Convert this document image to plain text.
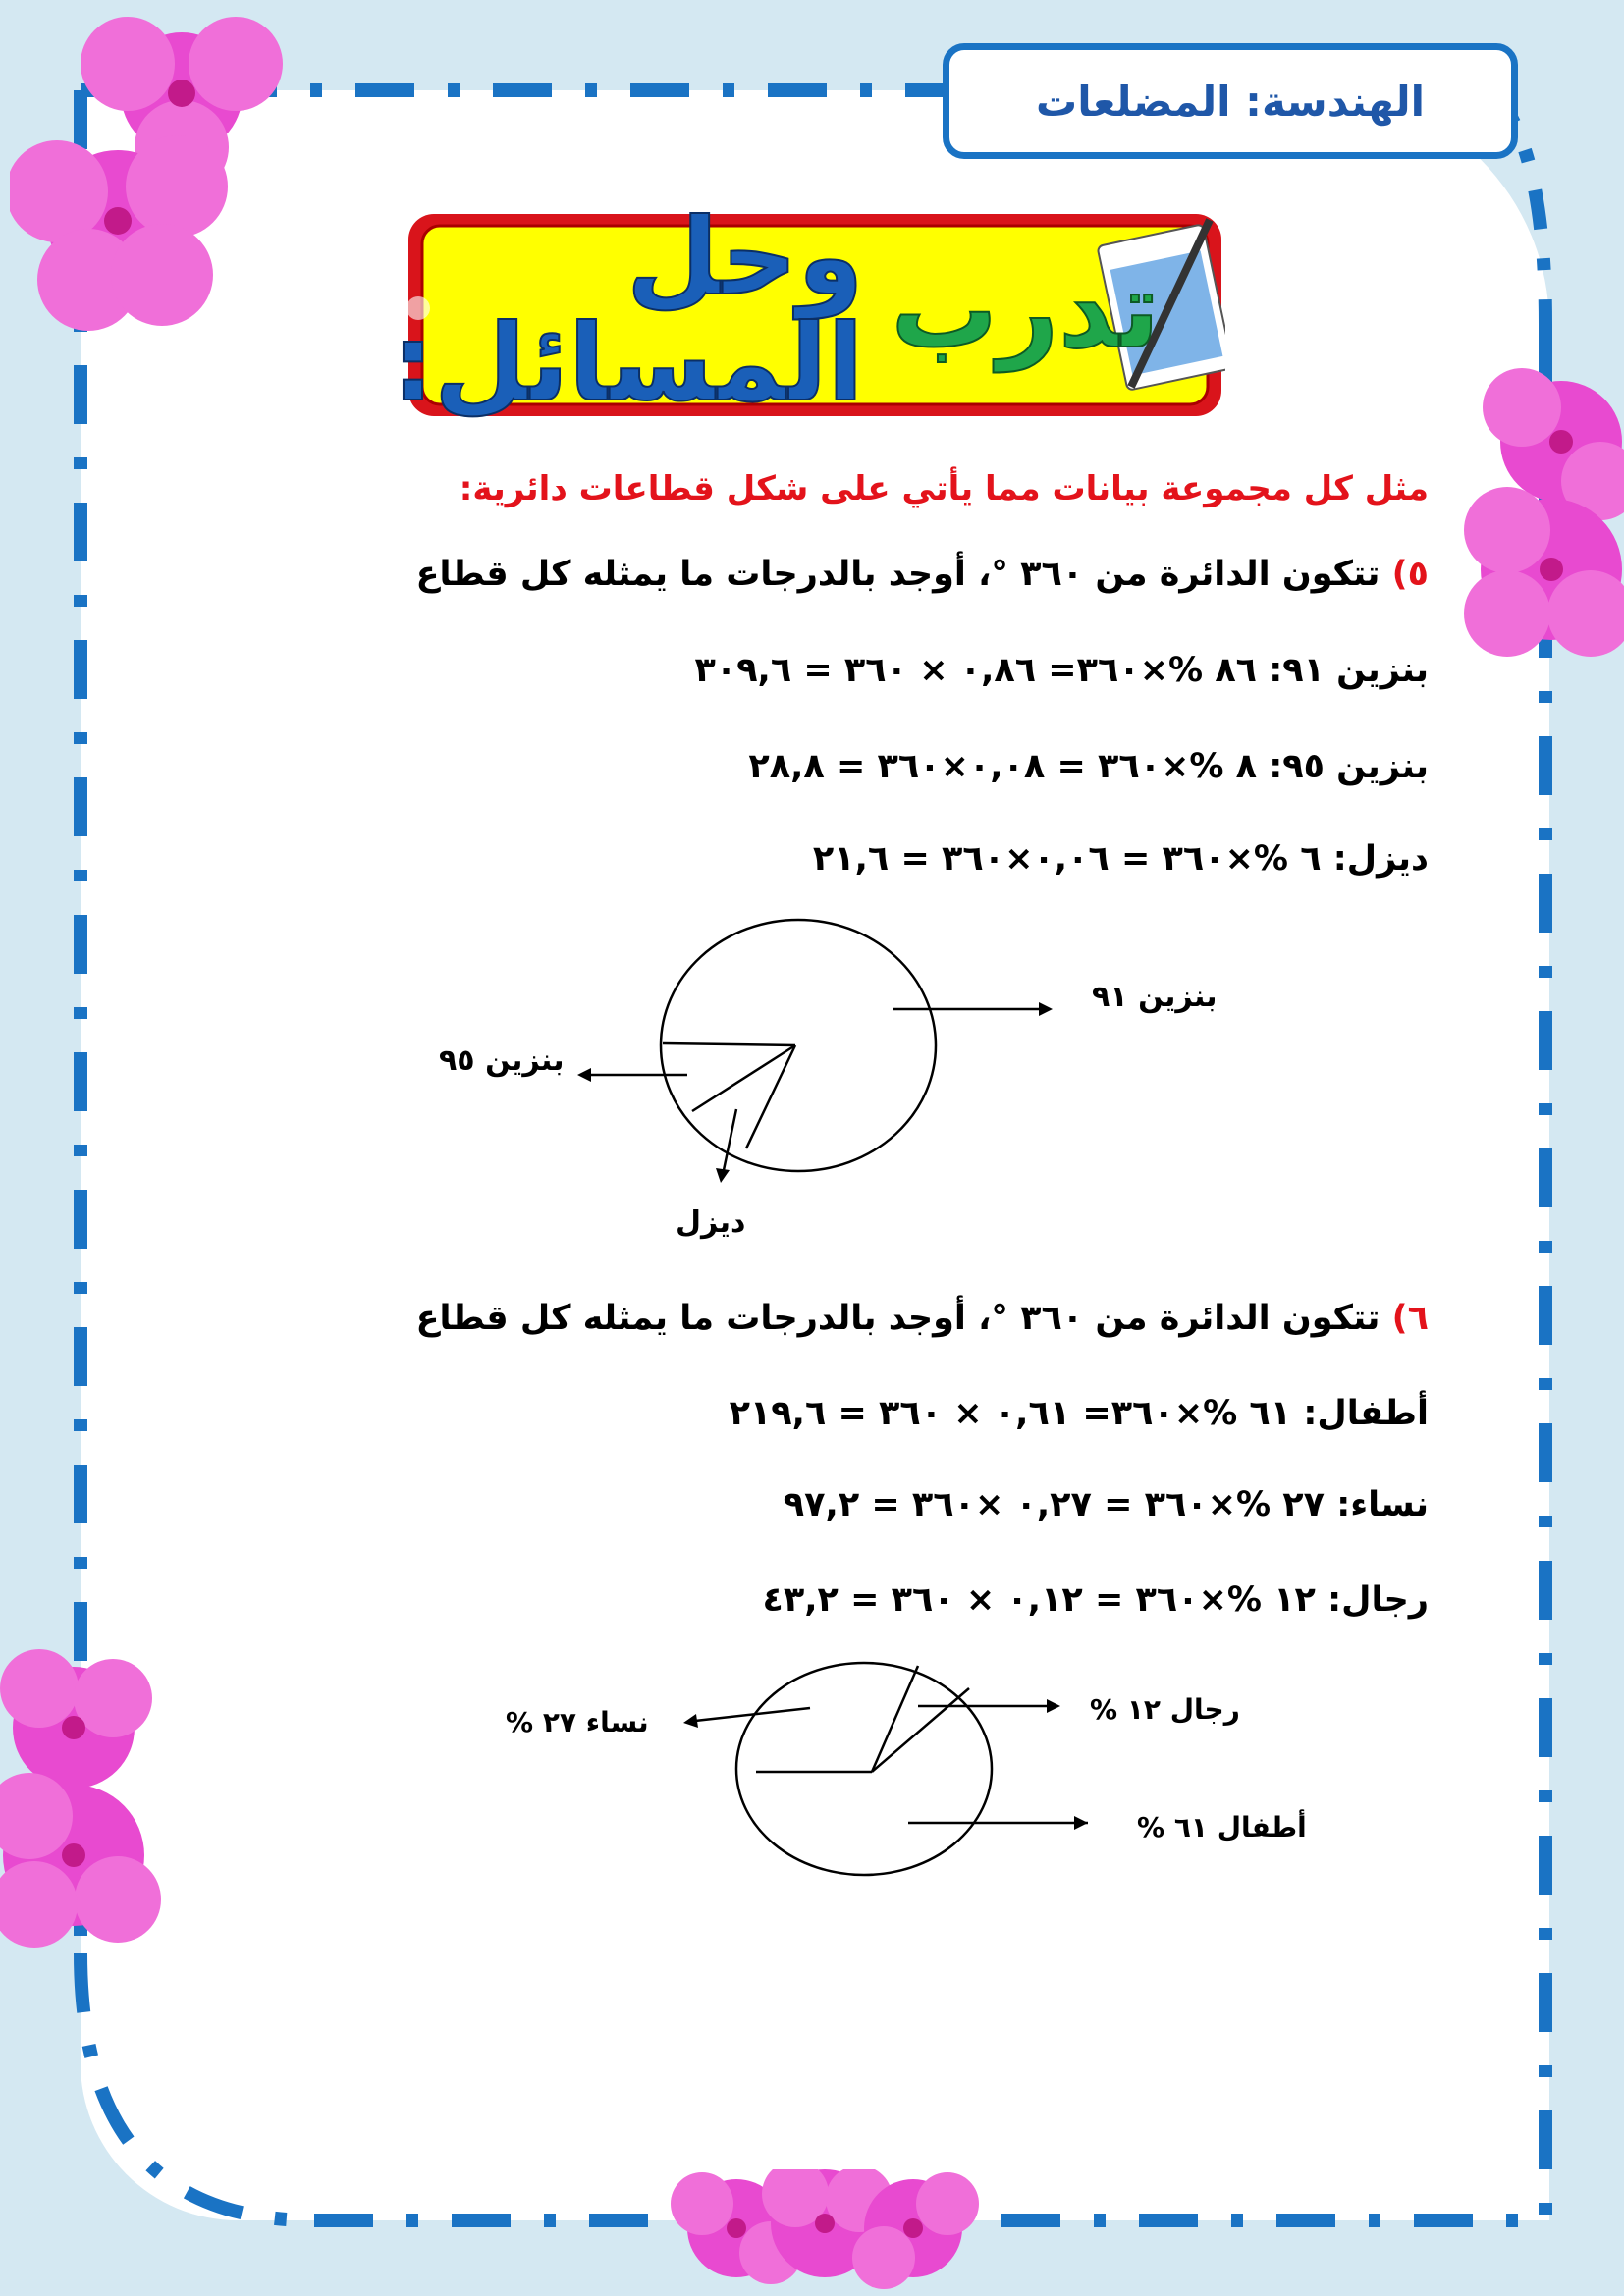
الهندسة: المضلعات
تدرب
وحل المسائل:
مثل كل مجموعة بيانات مما يأتي على شكل قطاعات دائرية:
٥) تتكون الدائرة من ٣٦٠ °، أوجد بالدرجات ما يمثله كل قطاع
بنزين ٩١: ٨٦ %×٣٦٠= ٠,٨٦ × ٣٦٠ = ٣٠٩,٦
بنزين ٩٥: ٨ %×٣٦٠ = ٠,٠٨×٣٦٠ = ٢٨,٨
ديزل: ٦ %×٣٦٠ = ٠,٠٦×٣٦٠ = ٢١,٦
بنزين ٩١
بنزين ٩٥
ديزل
٦) تتكون الدائرة من ٣٦٠ °، أوجد بالدرجات ما يمثله كل قطاع
أطفال: ٦١ %×٣٦٠= ٠,٦١ × ٣٦٠ = ٢١٩,٦
نساء: ٢٧ %×٣٦٠ = ٠,٢٧ ×٣٦٠ = ٩٧,٢
رجال: ١٢ %×٣٦٠ = ٠,١٢ × ٣٦٠ = ٤٣,٢
رجال ١٢ %
نساء ٢٧ %
أطفال ٦١ %
